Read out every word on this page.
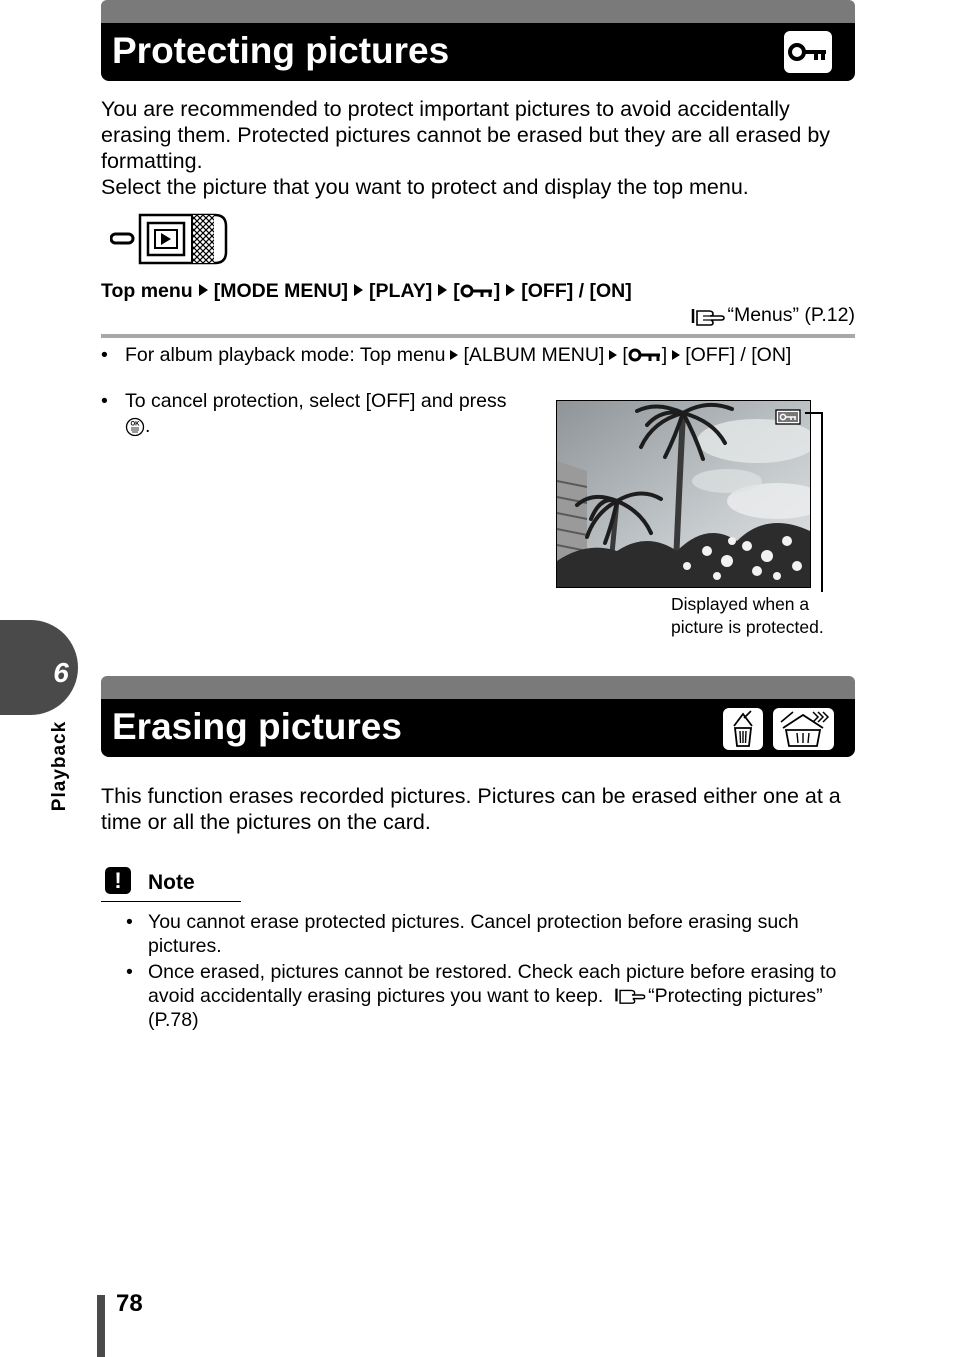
Protecting pictures

You are recommended to protect important pictures to avoid accidentally erasing them. Protected pictures cannot be erased but they are all erased by formatting.

Select the picture that you want to protect and display the top menu.

Top menu [MODE MENU] [PLAY] [ ] [OFF] / [ON]
“Menus” (P.12)
• For album playback mode: Top menu [ALBUM MENU] [ ] [OFF] / [ON]
• To cancel protection, select [OFF] and press
OK .
Displayed when a
picture is protected.
6
Playback Erasing pictures

This function erases recorded pictures. Pictures can be erased either one at a time or all the pictures on the card.

!	Note
• You cannot erase protected pictures. Cancel protection before erasing such pictures.
• Once erased, pictures cannot be restored. Check each picture before erasing to avoid accidentally erasing pictures you want to keep. “Protecting pictures” (P.78)
78
